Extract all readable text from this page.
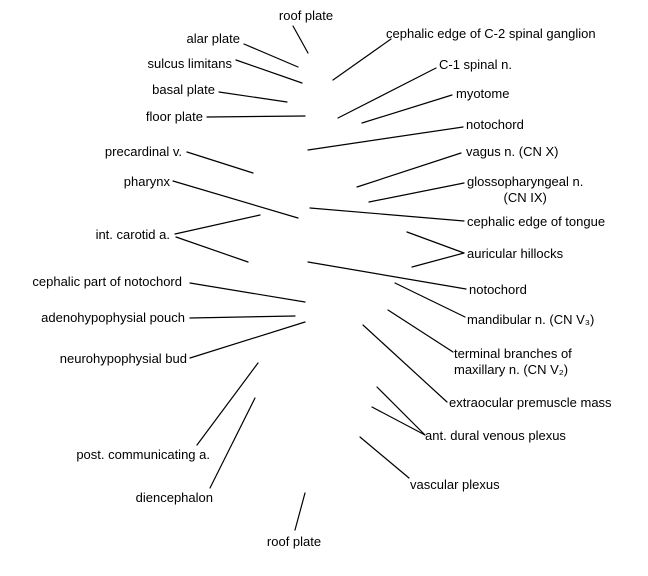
roof plate
alar plate
sulcus limitans
basal plate
floor plate
cephalic edge of C-2 spinal ganglion
C-1 spinal n.
myotome
notochord
vagus n. (CN X)
glossopharyngeal n.
(CN IX)
cephalic edge of tongue
auricular hillocks
precardinal v.
pharynx
int. carotid a.
cephalic part of notochord
adenohypophysial pouch
neurohypophysial bud
post. communicating a.
diencephalon
roof plate
notochord
mandibular n. (CN V₃)
terminal branches of
maxillary n. (CN V₂)
extraocular premuscle mass
ant. dural venous plexus
vascular plexus
